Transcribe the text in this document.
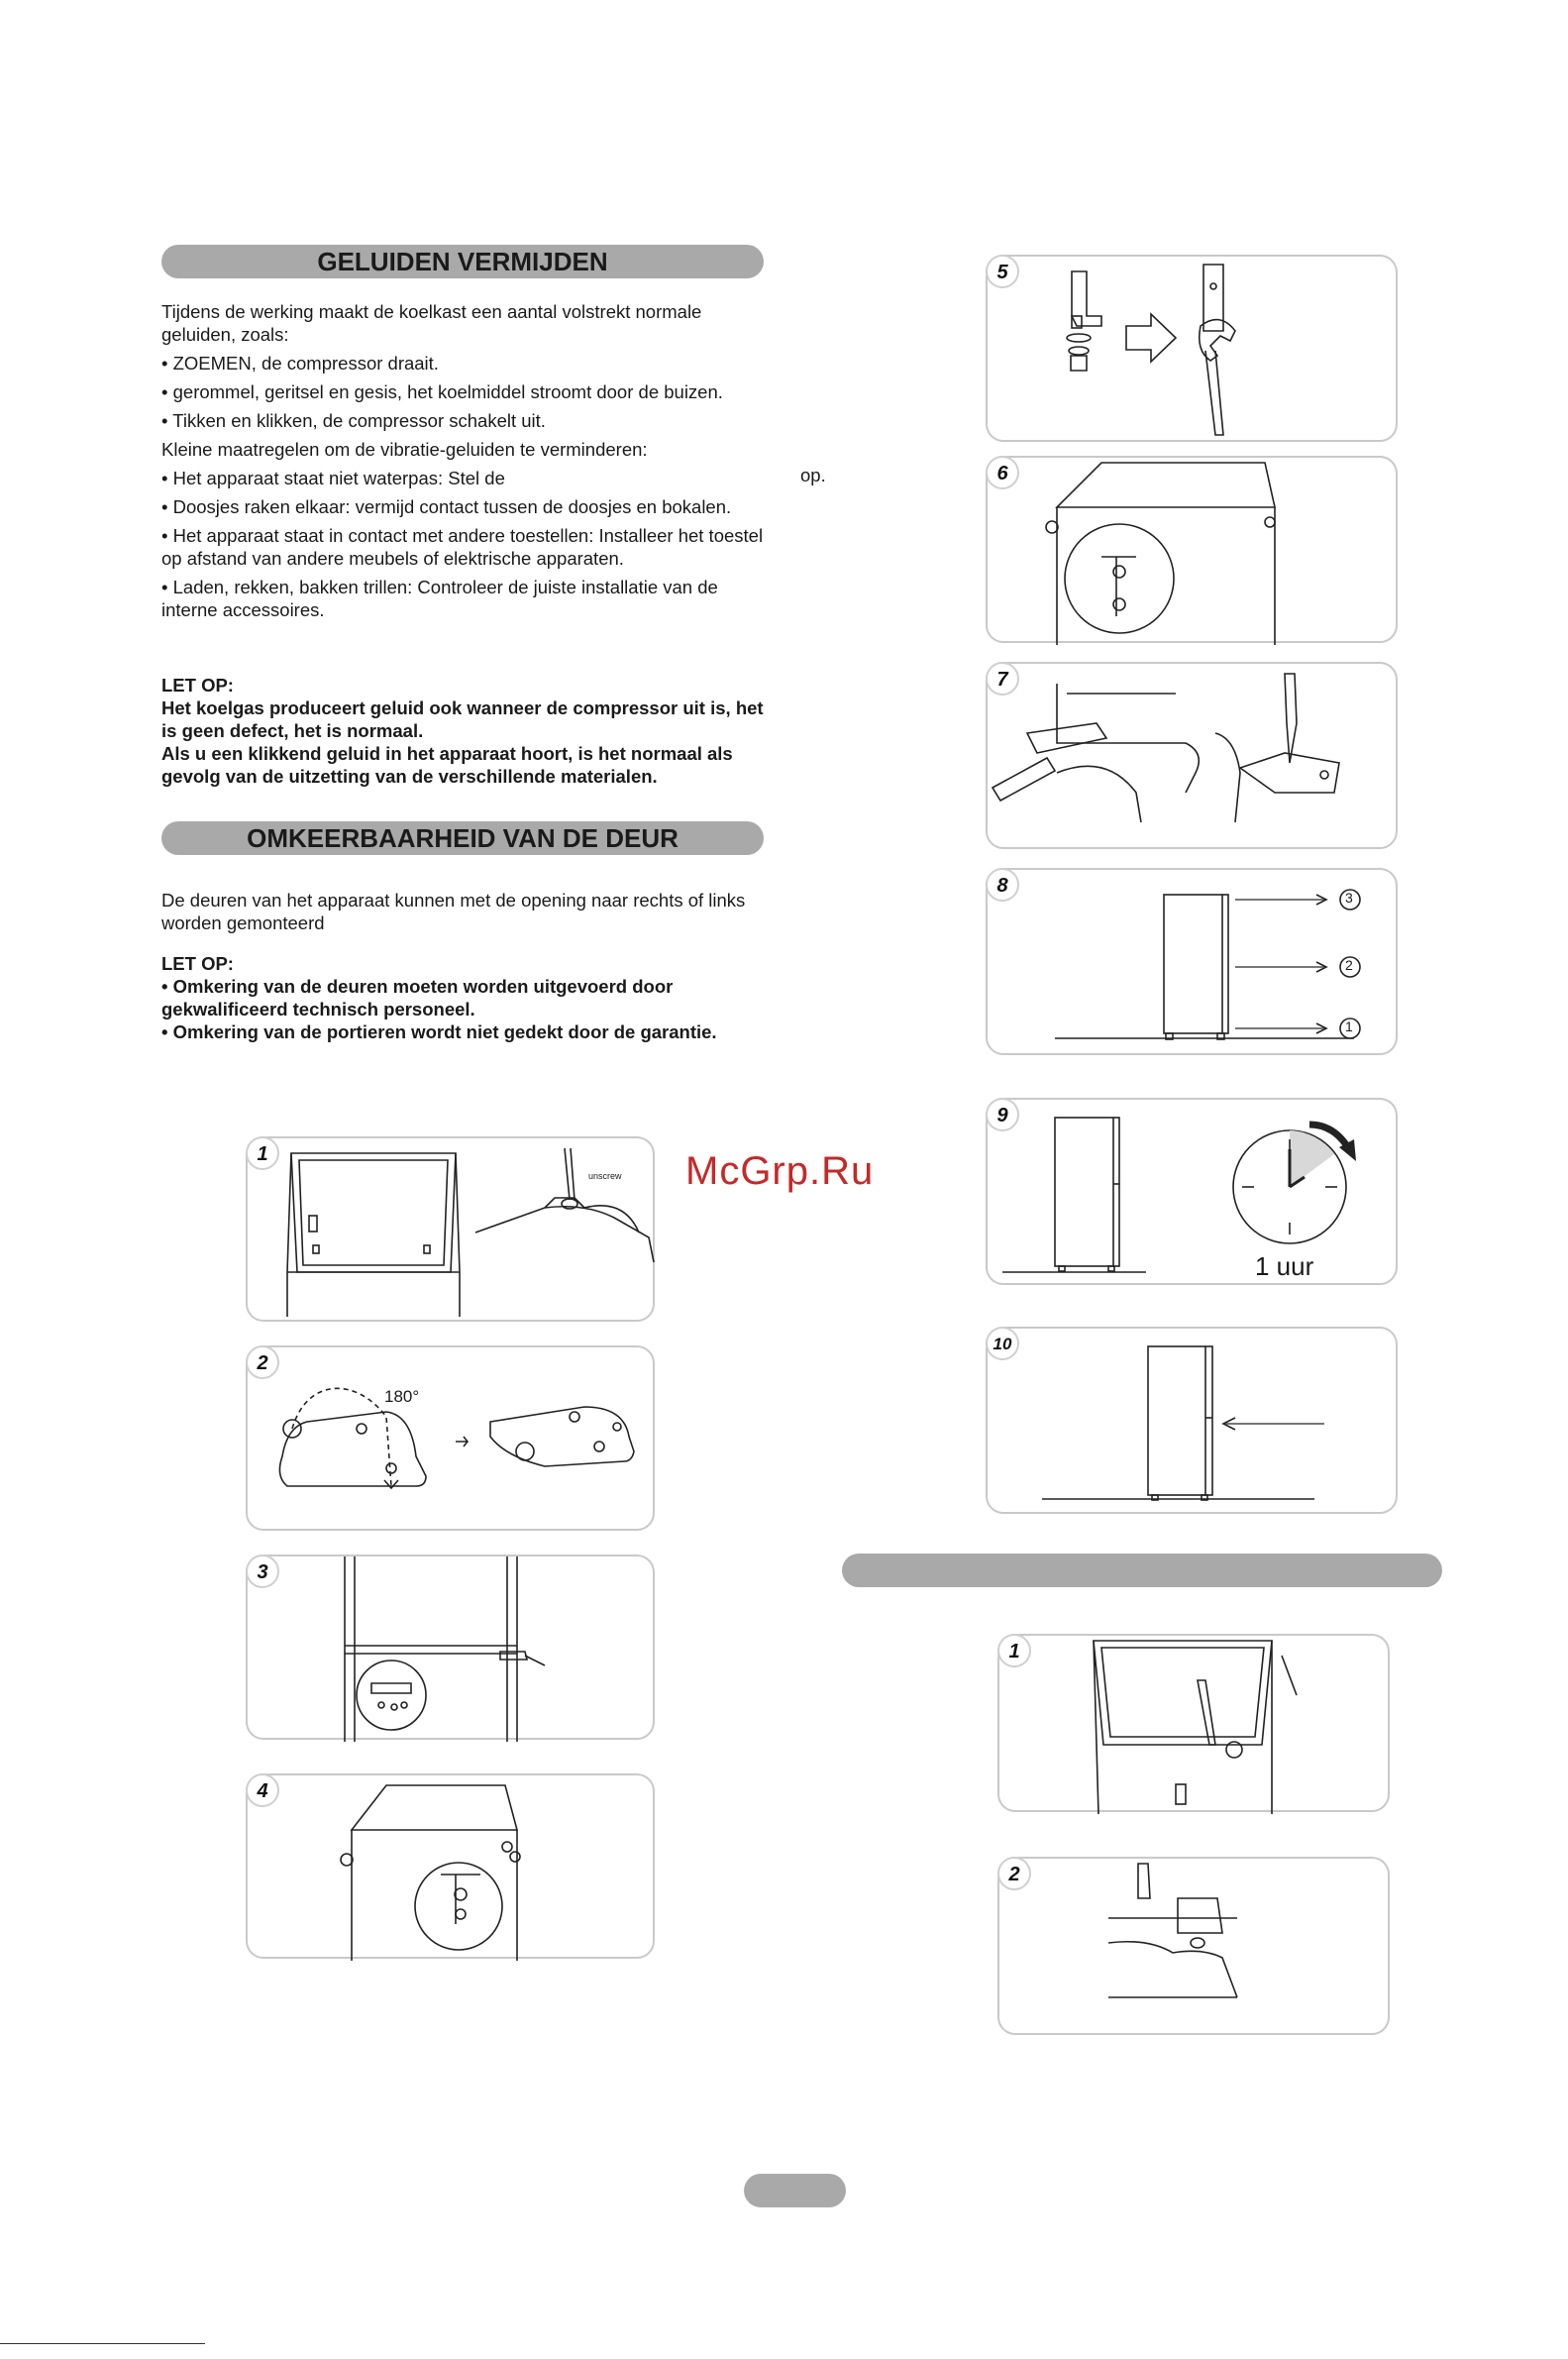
GELUIDEN VERMIJDEN

Tijdens de werking maakt de koelkast een aantal volstrekt normale geluiden, zoals:

• ZOEMEN, de compressor draait.

• gerommel, geritsel en gesis, het koelmiddel stroomt door de buizen.

• Tikken en klikken, de compressor schakelt uit.

Kleine maatregelen om de vibratie-geluiden te verminderen:

• Het apparaat staat niet waterpas: Stel de

• Doosjes raken elkaar: vermijd contact tussen de doosjes en bokalen.

• Het apparaat staat in contact met andere toestellen: Installeer het toestel op afstand van andere meubels of elektrische apparaten.

• Laden, rekken, bakken trillen: Controleer de juiste installatie van de interne accessoires.

op.

LET OP:

Het koelgas produceert geluid ook wanneer de compressor uit is, het is geen defect, het is normaal.

Als u een klikkend geluid in het apparaat hoort, is het normaal als gevolg van de uitzetting van de verschillende materialen.

OMKEERBAARHEID VAN DE DEUR
De deuren van het apparaat kunnen met de opening naar rechts of links worden gemonteerd

LET OP:

• Omkering van de deuren moeten worden uitgevoerd door gekwalificeerd technisch personeel.

• Omkering van de portieren wordt niet gedekt door de garantie.

McGrp.Ru
1
unscrew
2
180°
3
4
5
6
7
8
3
2
1
9
1 uur
10
1
2
